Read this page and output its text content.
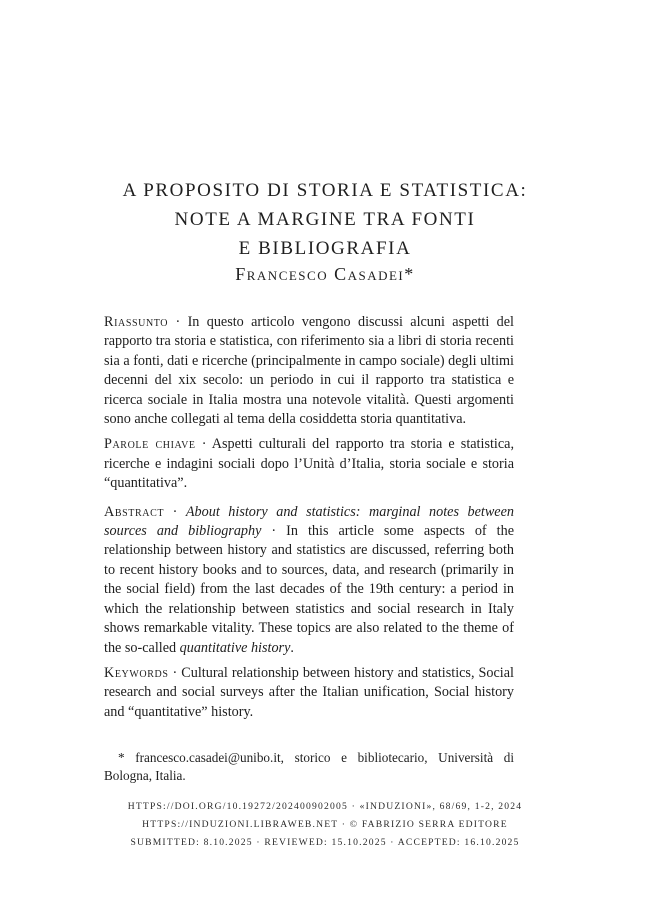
A PROPOSITO DI STORIA E STATISTICA:
NOTE A MARGINE TRA FONTI
E BIBLIOGRAFIA
Francesco Casadei*

Riassunto · In questo articolo vengono discussi alcuni aspetti del rapporto tra storia e statistica, con riferimento sia a libri di storia recenti sia a fonti, dati e ricerche (principalmente in campo sociale) degli ultimi decenni del xix secolo: un periodo in cui il rapporto tra statistica e ricerca sociale in Italia mostra una notevole vitalità. Questi argomenti sono anche collegati al tema della cosiddetta storia quantitativa.

Parole chiave · Aspetti culturali del rapporto tra storia e statistica, ricerche e indagini sociali dopo l’Unità d’Italia, storia sociale e storia “quantitativa”.

Abstract · About history and statistics: marginal notes between sources and bibliography · In this article some aspects of the relationship between history and statistics are discussed, referring both to recent history books and to sources, data, and research (primarily in the social field) from the last decades of the 19th century: a period in which the relationship between statistics and social research in Italy shows remarkable vitality. These topics are also related to the theme of the so-called quantitative history.

Keywords · Cultural relationship between history and statistics, Social research and social surveys after the Italian unification, Social history and “quantitative” history.

* francesco.casadei@unibo.it, storico e bibliotecario, Università di Bologna, Italia.
HTTPS://DOI.ORG/10.19272/202400902005 · «INDUZIONI», 68/69, 1-2, 2024
HTTPS://INDUZIONI.LIBRAWEB.NET · © FABRIZIO SERRA EDITORE
SUBMITTED: 8.10.2025 · REVIEWED: 15.10.2025 · ACCEPTED: 16.10.2025
